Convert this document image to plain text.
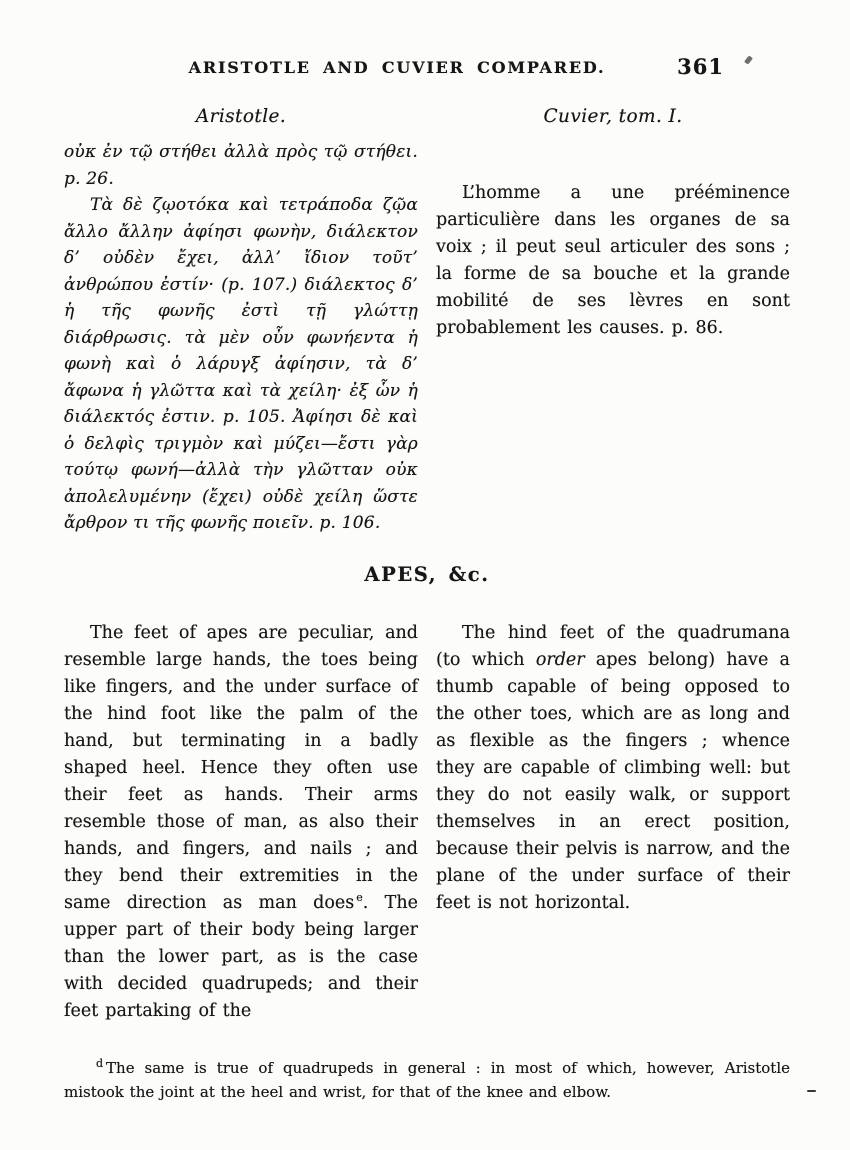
ARISTOTLE AND CUVIER COMPARED.	361
Aristotle.

οὐκ ἐν τῷ στήθει ἀλλὰ πρὸς τῷ στήθει. p. 26.

Τὰ δὲ ζῳοτόκα καὶ τετράποδα ζῷα ἄλλο ἄλλην ἀφίησι φωνὴν, διάλεκτον δ’ οὐδὲν ἔχει, ἀλλ’ ἴδιον τοῦτ’ ἀνθρώπου ἐστίν· (p. 107.) διάλεκτος δ’ ἡ τῆς φωνῆς ἐστὶ τῇ γλώττῃ διάρθρωσις. τὰ μὲν οὖν φωνήεντα ἡ φωνὴ καὶ ὁ λάρυγξ ἀφίησιν, τὰ δ’ ἄφωνα ἡ γλῶττα καὶ τὰ χείλη· ἐξ ὧν ἡ διάλεκτός ἐστιν. p. 105. Ἀφίησι δὲ καὶ ὁ δελφὶς τριγμὸν καὶ μύζει—ἔστι γὰρ τούτῳ φωνή—ἀλλὰ τὴν γλῶτταν οὐκ ἀπολελυμένην (ἔχει) οὐδὲ χείλη ὥστε ἄρθρον τι τῆς φωνῆς ποιεῖν. p. 106.

Cuvier, tom. I.

L’homme a une prééminence particulière dans les organes de sa voix ; il peut seul articuler des sons ; la forme de sa bouche et la grande mobilité de ses lèvres en sont probablement les causes. p. 86.

APES, &c.

The feet of apes are peculiar, and resemble large hands, the toes being like fingers, and the under surface of the hind foot like the palm of the hand, but terminating in a badly shaped heel. Hence they often use their feet as hands. Their arms resemble those of man, as also their hands, and fingers, and nails ; and they bend their extremities in the same direction as man does $^e$. The upper part of their body being larger than the lower part, as is the case with decided quadrupeds; and their feet partaking of the

The hind feet of the quadrumana (to which order apes belong) have a thumb capable of being opposed to the other toes, which are as long and as flexible as the fingers ; whence they are capable of climbing well: but they do not easily walk, or support themselves in an erect position, because their pelvis is narrow, and the plane of the under surface of their feet is not horizontal.

$^d$ The same is true of quadrupeds in general : in most of which, however, Aristotle mistook the joint at the heel and wrist, for that of the knee and elbow.
